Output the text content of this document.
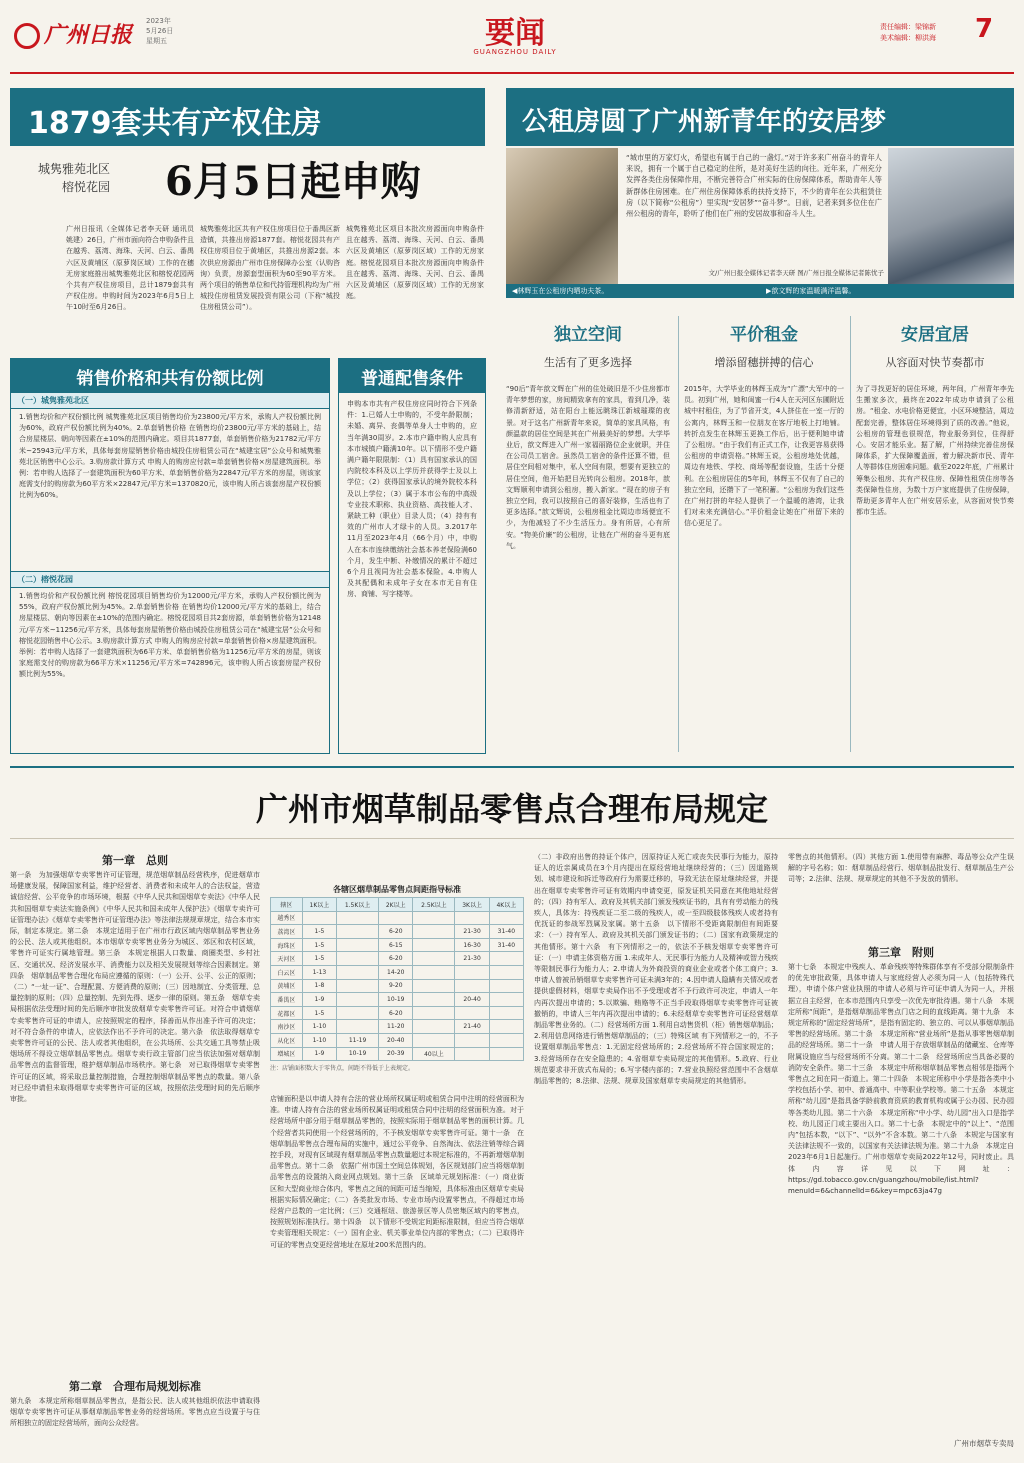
广州日报
2023年
5月26日
星期五	要闻
GUANGZHOU DAILY
责任编辑：梁锦新
美术编辑：柳洪海	7
1879套共有产权住房
城隽雅苑北区
榕悦花园	6月5日起申购
广州日报讯（全媒体记者李天研 通讯员姚建）26日，广州市面向符合申购条件且在越秀、荔湾、海珠、天河、白云、番禺六区及黄埔区（原萝岗区域）工作的在穗无房家庭推出城隽雅苑北区和榕悦花园两个共有产权住房项目，总计1879套共有产权住房。申购时间为2023年6月5日上午10时至6月26日。
城隽雅苑北区共有产权住房项目位于番禺区新造镇，共推出房源1877套。榕悦花园共有产权住房项目位于黄埔区，共推出房源2套。本次供应房源由广州市住房保障办公室（认购咨询）负责，房源套型面积为60至90平方米。两个项目的销售单位和代持管理机构均为广州城投住房租赁发展投资有限公司（下称“城投住房租赁公司”）。
城隽雅苑北区项目本批次房源面向申购条件且在越秀、荔湾、海珠、天河、白云、番禺六区及黄埔区（原萝岗区域）工作的无房家庭。榕悦花园项目本批次房源面向申购条件且在越秀、荔湾、海珠、天河、白云、番禺六区及黄埔区（原萝岗区域）工作的无房家庭。
销售价格和共有份额比例
（一）城隽雅苑北区
1.销售均价和产权份额比例 城隽雅苑北区项目销售均价为23800元/平方米，承购人产权份额比例为60%，政府产权份额比例为40%。2.单套销售价格 在销售均价23800元/平方米的基础上，结合房屋楼层、朝向等因素在±10%的范围内确定。项目共1877套，单套销售价格为21782元/平方米~25943元/平方米，具体每套房屋销售价格由城投住房租赁公司在“城建宝居”公众号和城隽雅苑北区销售中心公示。3.购房款计算方式 申购人的购房应付款=单套销售价格×房屋建筑面积。举例：若申购人选择了一套建筑面积为60平方米、单套销售价格为22847元/平方米的房屋，则该家庭需支付的购房款为60平方米×22847元/平方米=1370820元，该申购人所占该套房屋产权份额比例为60%。
（二）榕悦花园
1.销售均价和产权份额比例 榕悦花园项目销售均价为12000元/平方米，承购人产权份额比例为55%，政府产权份额比例为45%。2.单套销售价格 在销售均价12000元/平方米的基础上，结合房屋楼层、朝向等因素在±10%的范围内确定。榕悦花园项目共2套房源，单套销售价格为12148元/平方米~11256元/平方米，具体每套房屋销售价格由城投住房租赁公司在“城建宝居”公众号和榕悦花园销售中心公示。3.购房款计算方式 申购人的购房应付款=单套销售价格×房屋建筑面积。举例：若申购人选择了一套建筑面积为66平方米、单套销售价格为11256元/平方米的房屋，则该家庭需支付的购房款为66平方米×11256元/平方米=742896元，该申购人所占该套房屋产权份额比例为55%。
普通配售条件
申购本市共有产权住房应同时符合下列条件：1.已婚人士申购的，不受年龄限制；未婚、离异、丧偶等单身人士申购的，应当年满30周岁。2.本市户籍申购人应具有本市城镇户籍满10年。以下情形不受户籍满户籍年限限制：（1）具有国家承认的国内院校本科及以上学历并获得学士及以上学位；（2）获得国家承认的境外院校本科及以上学位；（3）属于本市公布的中高级专业技术职称、执业资格、高技能人才、紧缺工种（职业）目录人员；（4）持有有效的广州市人才绿卡的人员。3.2017年11月至2023年4月（66个月）中，申购人在本市连续缴纳社会基本养老保险满60个月，发生中断、补缴情况的累计不超过6个月且视同为社会基本保险。4.申购人及其配偶和未成年子女在本市无自有住房、商铺、写字楼等。
公租房圆了广州新青年的安居梦
“城市里的万家灯火，希望也有属于自己的一盏灯。”对于许多来广州奋斗的青年人来说，拥有一个属于自己稳定的住所，是对美好生活的向往。近年来，广州充分发挥各类住房保障作用，不断完善符合广州实际的住房保障体系，帮助青年人等新群体住房困难。在广州住房保障体系的扶持支持下，不少的青年在公共租赁住房（以下简称“公租房”）里实现“安居梦”“奋斗梦”。日前，记者来到多位住在广州公租房的青年，聆听了他们在广州的安居故事和奋斗人生。
文/广州日报全媒体记者李天研 图/广州日报全媒体记者陈忧子
◀林辉玉在公租房内晒功夫茶。	▶歆文辉的家温暖满洋温馨。
独立空间
生活有了更多选择
“90后”青年歆文辉在广州的住处破旧是不少住房都市青年梦想的家，房间精致拿有的家具，看到几净，装修清新舒适，站在阳台上能远眺珠江新城璀璨的夜景。对于这名广州新青年来说，简单的家具风格，有颜温款的居住空间是其在广州最美好的梦想。大学毕业后，歆文辉进入广州一家福丽路位企业就职，并住在公司员工宿舍。虽然员工宿舍的条件还算不错，但居住空间相对集中，私人空间有限，想要有更独立的居住空间，他开始把目光转向公租房。2018年，歆文辉顺利申请到公租房，搬入新家。“现在的房子有独立空间，我可以按照自己的喜好装修，生活也有了更多选择。”歆文辉说，公租房租金比周边市场便宜不少，为他减轻了不少生活压力。身有所居，心有所安。“物美价廉”的公租房，让他在广州的奋斗更有底气。
平价租金
增添留穗拼搏的信心
2015年，大学毕业的林辉玉成为“广漂”大军中的一员。初到广州，她和闺蜜一行4人在天河区东圃附近城中村租住，为了节省开支，4人挤住在一室一厅的公寓内，林辉玉和一位朋友在客厅地板上打地铺。转折点发生在林辉玉更换工作后，出于便利她申请了公租房。“由于我们有正式工作，让我更容易获得公租房的申请资格。”林辉玉说，公租房地处优越，周边有地铁、学校、商场等配套设施，生活十分便利。在公租房居住的5年间，林辉玉不仅有了自己的独立空间，还攒下了一笔积蓄。“公租房为我们这些在广州打拼的年轻人提供了一个温暖的港湾，让我们对未来充满信心。”平价租金让她在广州留下来的信心更足了。
安居宜居
从容面对快节奏都市
为了寻找更好的居住环境，两年间，广州青年李先生搬家多次，最终在2022年成功申请到了公租房。“租金、水电价格更便宜，小区环境整洁，周边配套完善，整体居住环境得到了质的改善。”他说，公租房的管理也很规范，物业服务到位，住得舒心。安居才能乐业。据了解，广州持续完善住房保障体系，扩大保障覆盖面，着力解决新市民、青年人等群体住房困难问题。截至2022年底，广州累计筹集公租房、共有产权住房、保障性租赁住房等各类保障性住房，为数十万户家庭提供了住房保障，帮助更多青年人在广州安居乐业，从容面对快节奏都市生活。
广州市烟草制品零售点合理布局规定
第一章　总则
第一条　为加强烟草专卖零售许可证管理，规范烟草制品经营秩序，促进烟草市场健康发展，保障国家利益，维护经营者、消费者和未成年人的合法权益，营造诚信经营、公平竞争的市场环境，根据《中华人民共和国烟草专卖法》《中华人民共和国烟草专卖法实施条例》《中华人民共和国未成年人保护法》《烟草专卖许可证管理办法》《烟草专卖零售许可证管理办法》等法律法规规章规定，结合本市实际，制定本规定。第二条　本规定适用于在广州市行政区域内烟草制品零售业务的公民、法人或其他组织。本市烟草专卖零售业务分为城区、郊区和农村区域，零售许可证实行属地管理。第三条　本规定根据人口数量、商圈类型、乡村社区、交通状况、经济发展水平、消费能力以及相关发展规划等综合因素制定。第四条　烟草制品零售合理化布局应遵循的原则：（一）公开、公平、公正的原则；（二）“一址一证”、合理配置、方便消费的原则；（三）因地制宜、分类管理、总量控制的原则；（四）总量控制、先到先得、逐步一律的原则。第五条　烟草专卖局根据依法受理时间的先后顺序审批发放烟草专卖零售许可证。对符合申请烟草专卖零售许可证的申请人，应按照规定的程序，择善而从作出准予许可的决定；对不符合条件的申请人，应依法作出不予许可的决定。第六条　依法取得烟草专卖零售许可证的公民、法人或者其他组织，在公共场所、公共交通工具等禁止吸烟场所不得设立烟草制品零售点。烟草专卖行政主管部门应当依法加强对烟草制品零售点的监督管理，维护烟草制品市场秩序。第七条　对已取得烟草专卖零售许可证的区域，将采取总量控制措施，合理控制烟草制品零售点的数量。第八条　对已经申请但未取得烟草专卖零售许可证的区域，按照依法受理时间的先后顺序审批。
第二章　合理布局规划标准
第九条　本规定所称烟草制品零售点，是指公民、法人或其他组织依法申请取得烟草专卖零售许可证从事烟草制品零售业务的经营场所。零售点应当设置于与住所相独立的固定经营场所，面向公众经营。
各辖区烟草制品零售点间距指导标准
辖区	1K以上	1.5K以上	2K以上	2.5K以上	3K以上	4K以上
越秀区						
荔湾区	1-5		6-20		21-30	31-40
海珠区	1-5		6-15		16-30	31-40
天河区	1-5		6-20		21-30	
白云区	1-13		14-20			
黄埔区	1-8		9-20			
番禺区	1-9		10-19		20-40	
花都区	1-5		6-20			
南沙区	1-10		11-20		21-40	
从化区	1-10	11-19	20-40			
增城区	1-9	10-19	20-39	40以上		
注：店铺面积数大于零售点，间距不得低于上表规定。
店铺面积是以申请人持有合法的营业场所权属证明或租赁合同中注明的经营面积为准。申请人持有合法的营业场所权属证明或租赁合同中注明的经营面积为准。对于经营场所中部分用于烟草制品零售的，按照实际用于烟草制品零售的面积计算。几个经营者共同使用一个经营场所的，不予核发烟草专卖零售许可证。第十一条　在烟草制品零售点合理布局的实施中，通过公平竞争、自然淘汰、依法注销等综合调控手段，对现有区域现有烟草制品零售点数量超过本规定标准的，不再新增烟草制品零售点。第十二条　依据广州市国土空间总体规划，各区规划部门应当将烟草制品零售点的设置纳入商业网点规划。第十三条　区域单元规划标准：（一）商业街区和大型商业综合体内，零售点之间的间距可适当缩短，具体标准由区烟草专卖局根据实际情况确定；（二）各类批发市场、专业市场内设置零售点，不得超过市场经营户总数的一定比例；（三）交通枢纽、旅游景区等人员密集区域内的零售点，按照规划标准执行。第十四条　以下情形不受规定间距标准限制，但应当符合烟草专卖管理相关规定：（一）国有企业、机关事业单位内部的零售点；（二）已取得许可证的零售点变更经营地址在原址200米范围内的。
（二）非政府出售的持证个体户，因原持证人死亡或丧失民事行为能力，原持证人的近亲属成员在3个月内提出在原经营地址继续经营的；（三）因道路规划、城市建设和拆迁等政府行为需要迁移的，导致无法在原址继续经营，并提出在烟草专卖零售许可证有效期内申请变更，原发证机关同意在其他地址经营的；（四）持有军人、政府及其机关部门颁发残疾证书的，具有有劳动能力的残疾人，具体为：持残疾证二至二级的残疾人，或一至四级肢体残疾人或者持有优抚证的参战军烈属及家属。第十五条　以下情形不受距离限制但有间距要求：（一）持有军人、政府及其机关部门颁发证书的；（二）国家有政策规定的其他情形。第十六条　有下列情形之一的，依法不予核发烟草专卖零售许可证：（一）申请主体资格方面 1.未成年人、无民事行为能力人及精神或智力残疾等限制民事行为能力人；2.申请人为外商投资的商业企业或者个体工商户；3.申请人曾被吊销烟草专卖零售许可证未满3年的；4.因申请人隐瞒有关情况或者提供虚假材料，烟草专卖局作出不予受理或者不予行政许可决定，申请人一年内再次提出申请的；5.以欺骗、贿赂等不正当手段取得烟草专卖零售许可证被撤销的，申请人三年内再次提出申请的；6.未经烟草专卖零售许可证经营烟草制品零售业务的。（二）经营场所方面 1.利用自动售货机（柜）销售烟草制品；2.利用信息网络进行销售烟草制品的；（三）特殊区域 有下列情形之一的，不予设置烟草制品零售点：1.无固定经营场所的；2.经营场所不符合国家规定的；3.经营场所存在安全隐患的；4.省烟草专卖局规定的其他情形。5.政府、行业规范要求非开放式布局的；6.写字楼内部的；7.营业执照经营范围中不含烟草制品零售的；8.法律、法规、规章及国家烟草专卖局规定的其他情形。
零售点的其他情形。（四）其他方面 1.使用带有麻醉、毒品等公众产生误解的字号名称；如：烟草制品经营行、烟草制品批发行、烟草制品生产公司等；2.法律、法规、规章规定的其他不予发放的情形。
第三章　附则
第十七条　本规定中残疾人、革命残疾等特殊群体享有不受部分限制条件的优先审批政策，具体申请人与家庭经营人必须为同一人（包括特殊代理），申请个体户营业执照的申请人必须与许可证申请人为同一人，并根据立自主经营，在本市范围内只享受一次优先审批待遇。第十八条　本规定所称“间距”，是指烟草制品零售点门店之间的直线距离。第十九条　本规定所称的“固定经营场所”，是指有固定的、独立的、可以从事烟草制品零售的经营场所。第二十条　本规定所称“营业场所”是指从事零售烟草制品的经营场所。第二十一条　申请人用于存放烟草制品的储藏室、仓库等附属设施应当与经营场所不分离。第二十二条　经营场所应当具备必要的消防安全条件。第二十三条　本规定中所称烟草制品零售点相邻是指两个零售点之间在同一街道上。第二十四条　本规定所称中小学是指各类中小学校包括小学、初中、普通高中、中等职业学校等。第二十五条　本规定所称“幼儿园”是指具备学龄前教育资质的教育机构或属于公办园、民办园等各类幼儿园。第二十六条　本规定所称“中小学、幼儿园”出入口是指学校、幼儿园正门或主要出入口。第二十七条　本规定中的“以上”、“范围内”包括本数，“以下”、“以外”不含本数。第二十八条　本规定与国家有关法律法规不一致的，以国家有关法律法规为准。第二十九条　本规定自2023年6月1日起施行。广州市烟草专卖局2022年12号，同时废止。具体内容详见以下网址：https://gd.tobacco.gov.cn/guangzhou/mobile/list.html?menuId=6&channelId=6&key=mpc63ja47g
广州市烟草专卖局
